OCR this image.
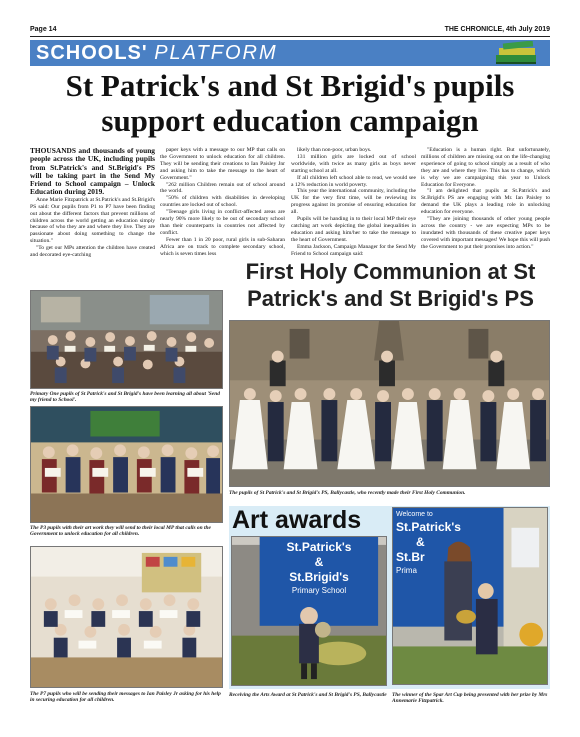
Page 14	THE CHRONICLE, 4th July 2019
SCHOOLS' PLATFORM
St Patrick's and St Brigid's pupils support education campaign

THOUSANDS and thousands of young people across the UK, including pupils from St.Patrick's and St.Brigid's PS will be taking part in the Send My Friend to School campaign – Unlock Education during 2019.

Anne Marie Fitzpatrick at St.Patrick's and St.Brigid's PS said: Our pupils from P1 to P7 have been finding out about the different factors that prevent millions of children across the world getting an education simply because of who they are and where they live. They are passionate about doing something to change the situation."

"To get our MPs attention the children have created and decorated eye-catching

paper keys with a message to our MP that calls on the Government to unlock education for all children. They will be sending their creations to Ian Paisley Jnr and asking him to take the message to the heart of Government."

"262 million Children remain out of school around the world.

"50% of children with disabilities in developing countries are locked out of school.

"Teenage girls living in conflict-affected areas are nearly 90% more likely to be out of secondary school than their counterparts in countries not affected by conflict.

Fewer than 1 in 20 poor, rural girls in sub-Saharan Africa are on track to complete secondary school, which is seven times less

likely than non-poor, urban boys.

131 million girls are locked out of school worldwide, with twice as many girls as boys never starting school at all.

If all children left school able to read, we would see a 12% reduction in world poverty.

This year the international community, including the UK for the very first time, will be reviewing its progress against its promise of ensuring education for all.

Pupils will be handing in to their local MP their eye catching art work depicting the global inequalities in education and asking him/her to take the message to the heart of Government.

Emma Jackson, Campaign Manager for the Send My Friend to School campaign said:

"Education is a human right. But unfortunately, millions of children are missing out on the life-changing experience of going to school simply as a result of who they are and where they live. This has to change, which is why we are campaigning this year to Unlock Education for Everyone.

"I am delighted that pupils at St.Patrick's and St.Brigid's PS are engaging with Mr. Ian Paisley to demand the UK plays a leading role in unlocking education for everyone.

"They are joining thousands of other young people across the country - we are expecting MPs to be inundated with thousands of these creative paper keys covered with important messages! We hope this will push the Government to put their promises into action."

Primary One pupils of St Patrick's and St Brigid's have been learning all about 'Send my friend to School'.
The P3 pupils with their art work they will send to their local MP that calls on the Government to unlock education for all children.
The P7 pupils who will be sending their messages to Ian Paisley Jr asking for his help in securing education for all children.
First Holy Communion at St Patrick's and St Brigid's PS
The pupils of St Patrick's and St Brigid's PS, Ballycastle, who recently made their First Holy Communion.
Art awards
St.Patrick's
&
St.Brigid's
Primary School
Receiving the Arts Award at St Patrick's and St Brigid's PS, Ballycastle
Welcome to
St.Patrick's
&
St.Br
Prima
The winner of the Spar Art Cup being presented with her prize by Mrs Annemarie Fitzpatrick.
